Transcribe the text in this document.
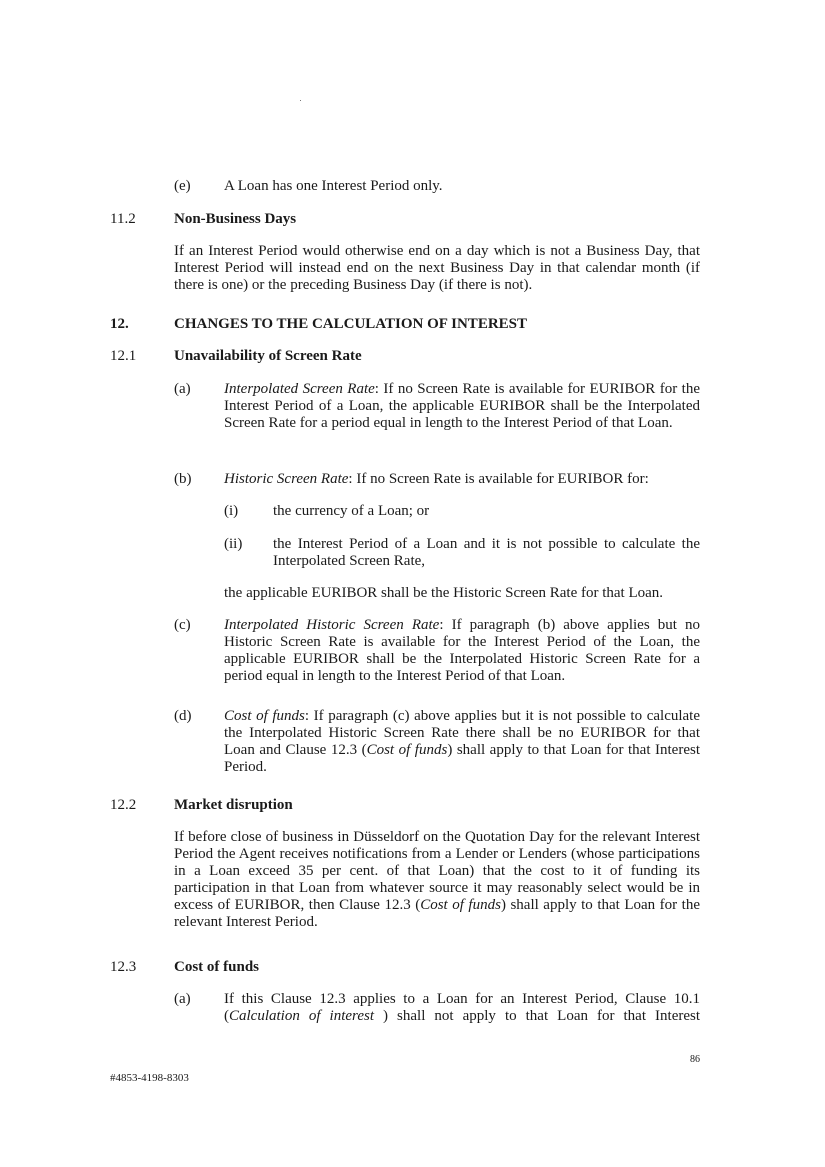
(e) A Loan has one Interest Period only.

11.2	Non-Business Days

If an Interest Period would otherwise end on a day which is not a Business Day, that Interest Period will instead end on the next Business Day in that calendar month (if there is one) or the preceding Business Day (if there is not).

12.	CHANGES TO THE CALCULATION OF INTEREST

12.1	Unavailability of Screen Rate

(a) Interpolated Screen Rate: If no Screen Rate is available for EURIBOR for the Interest Period of a Loan, the applicable EURIBOR shall be the Interpolated Screen Rate for a period equal in length to the Interest Period of that Loan.

(b) Historic Screen Rate: If no Screen Rate is available for EURIBOR for:

(i) the currency of a Loan; or

(ii) the Interest Period of a Loan and it is not possible to calculate the Interpolated Screen Rate,

the applicable EURIBOR shall be the Historic Screen Rate for that Loan.

(c) Interpolated Historic Screen Rate: If paragraph (b) above applies but no Historic Screen Rate is available for the Interest Period of the Loan, the applicable EURIBOR shall be the Interpolated Historic Screen Rate for a period equal in length to the Interest Period of that Loan.

(d) Cost of funds: If paragraph (c) above applies but it is not possible to calculate the Interpolated Historic Screen Rate there shall be no EURIBOR for that Loan and Clause 12.3 (Cost of funds) shall apply to that Loan for that Interest Period.

12.2	Market disruption

If before close of business in Düsseldorf on the Quotation Day for the relevant Interest Period the Agent receives notifications from a Lender or Lenders (whose participations in a Loan exceed 35 per cent. of that Loan) that the cost to it of funding its participation in that Loan from whatever source it may reasonably select would be in excess of EURIBOR, then Clause 12.3 (Cost of funds) shall apply to that Loan for the relevant Interest Period.

12.3	Cost of funds

(a) If this Clause 12.3 applies to a Loan for an Interest Period, Clause 10.1 (Calculation of interest ) shall not apply to that Loan for that Interest

86
#4853-4198-8303
